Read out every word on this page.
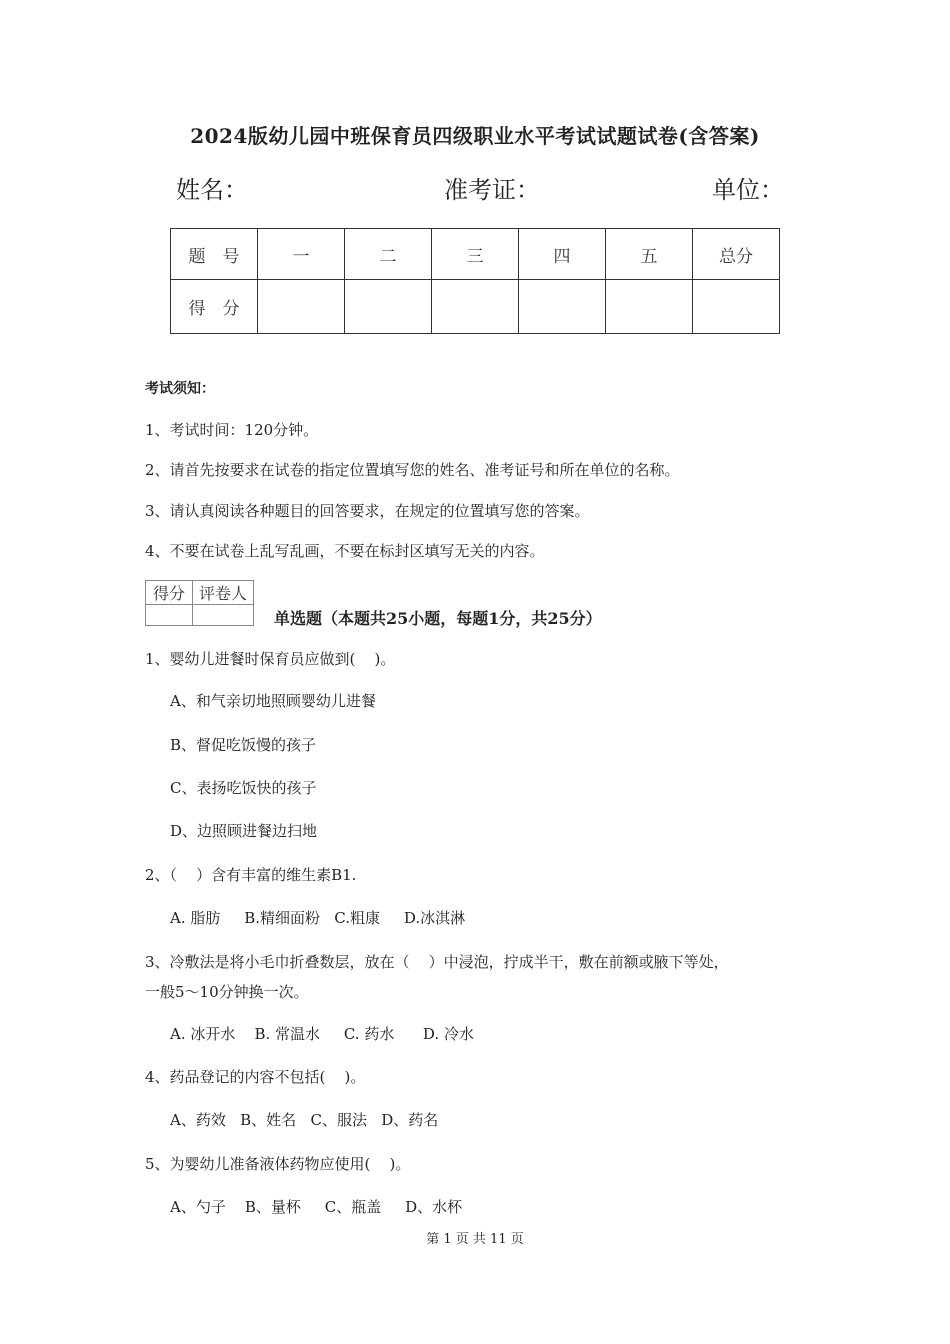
2024版幼儿园中班保育员四级职业水平考试试题试卷(含答案)
姓名：	准考证：	单位：
题　号	一	二	三	四	五	总分
得　分						
考试须知：
1、考试时间：120分钟。
2、请首先按要求在试卷的指定位置填写您的姓名、准考证号和所在单位的名称。
3、请认真阅读各种题目的回答要求，在规定的位置填写您的答案。
4、不要在试卷上乱写乱画，不要在标封区填写无关的内容。
得分	评卷人

单选题（本题共25小题，每题1分，共25分）
1、婴幼儿进餐时保育员应做到(    )。
A、和气亲切地照顾婴幼儿进餐
B、督促吃饭慢的孩子
C、表扬吃饭快的孩子
D、边照顾进餐边扫地
2、（    ）含有丰富的维生素B1.
A. 脂肪     B.精细面粉   C.粗康     D.冰淇淋
3、冷敷法是将小毛巾折叠数层，放在（    ）中浸泡，拧成半干，敷在前额或腋下等处，
一般5～10分钟换一次。
A. 冰开水    B. 常温水     C. 药水      D. 冷水
4、药品登记的内容不包括(    )。
A、药效   B、姓名   C、服法   D、药名
5、为婴幼儿准备液体药物应使用(    )。
A、勺子    B、量杯     C、瓶盖     D、水杯
第 1 页 共 11 页
